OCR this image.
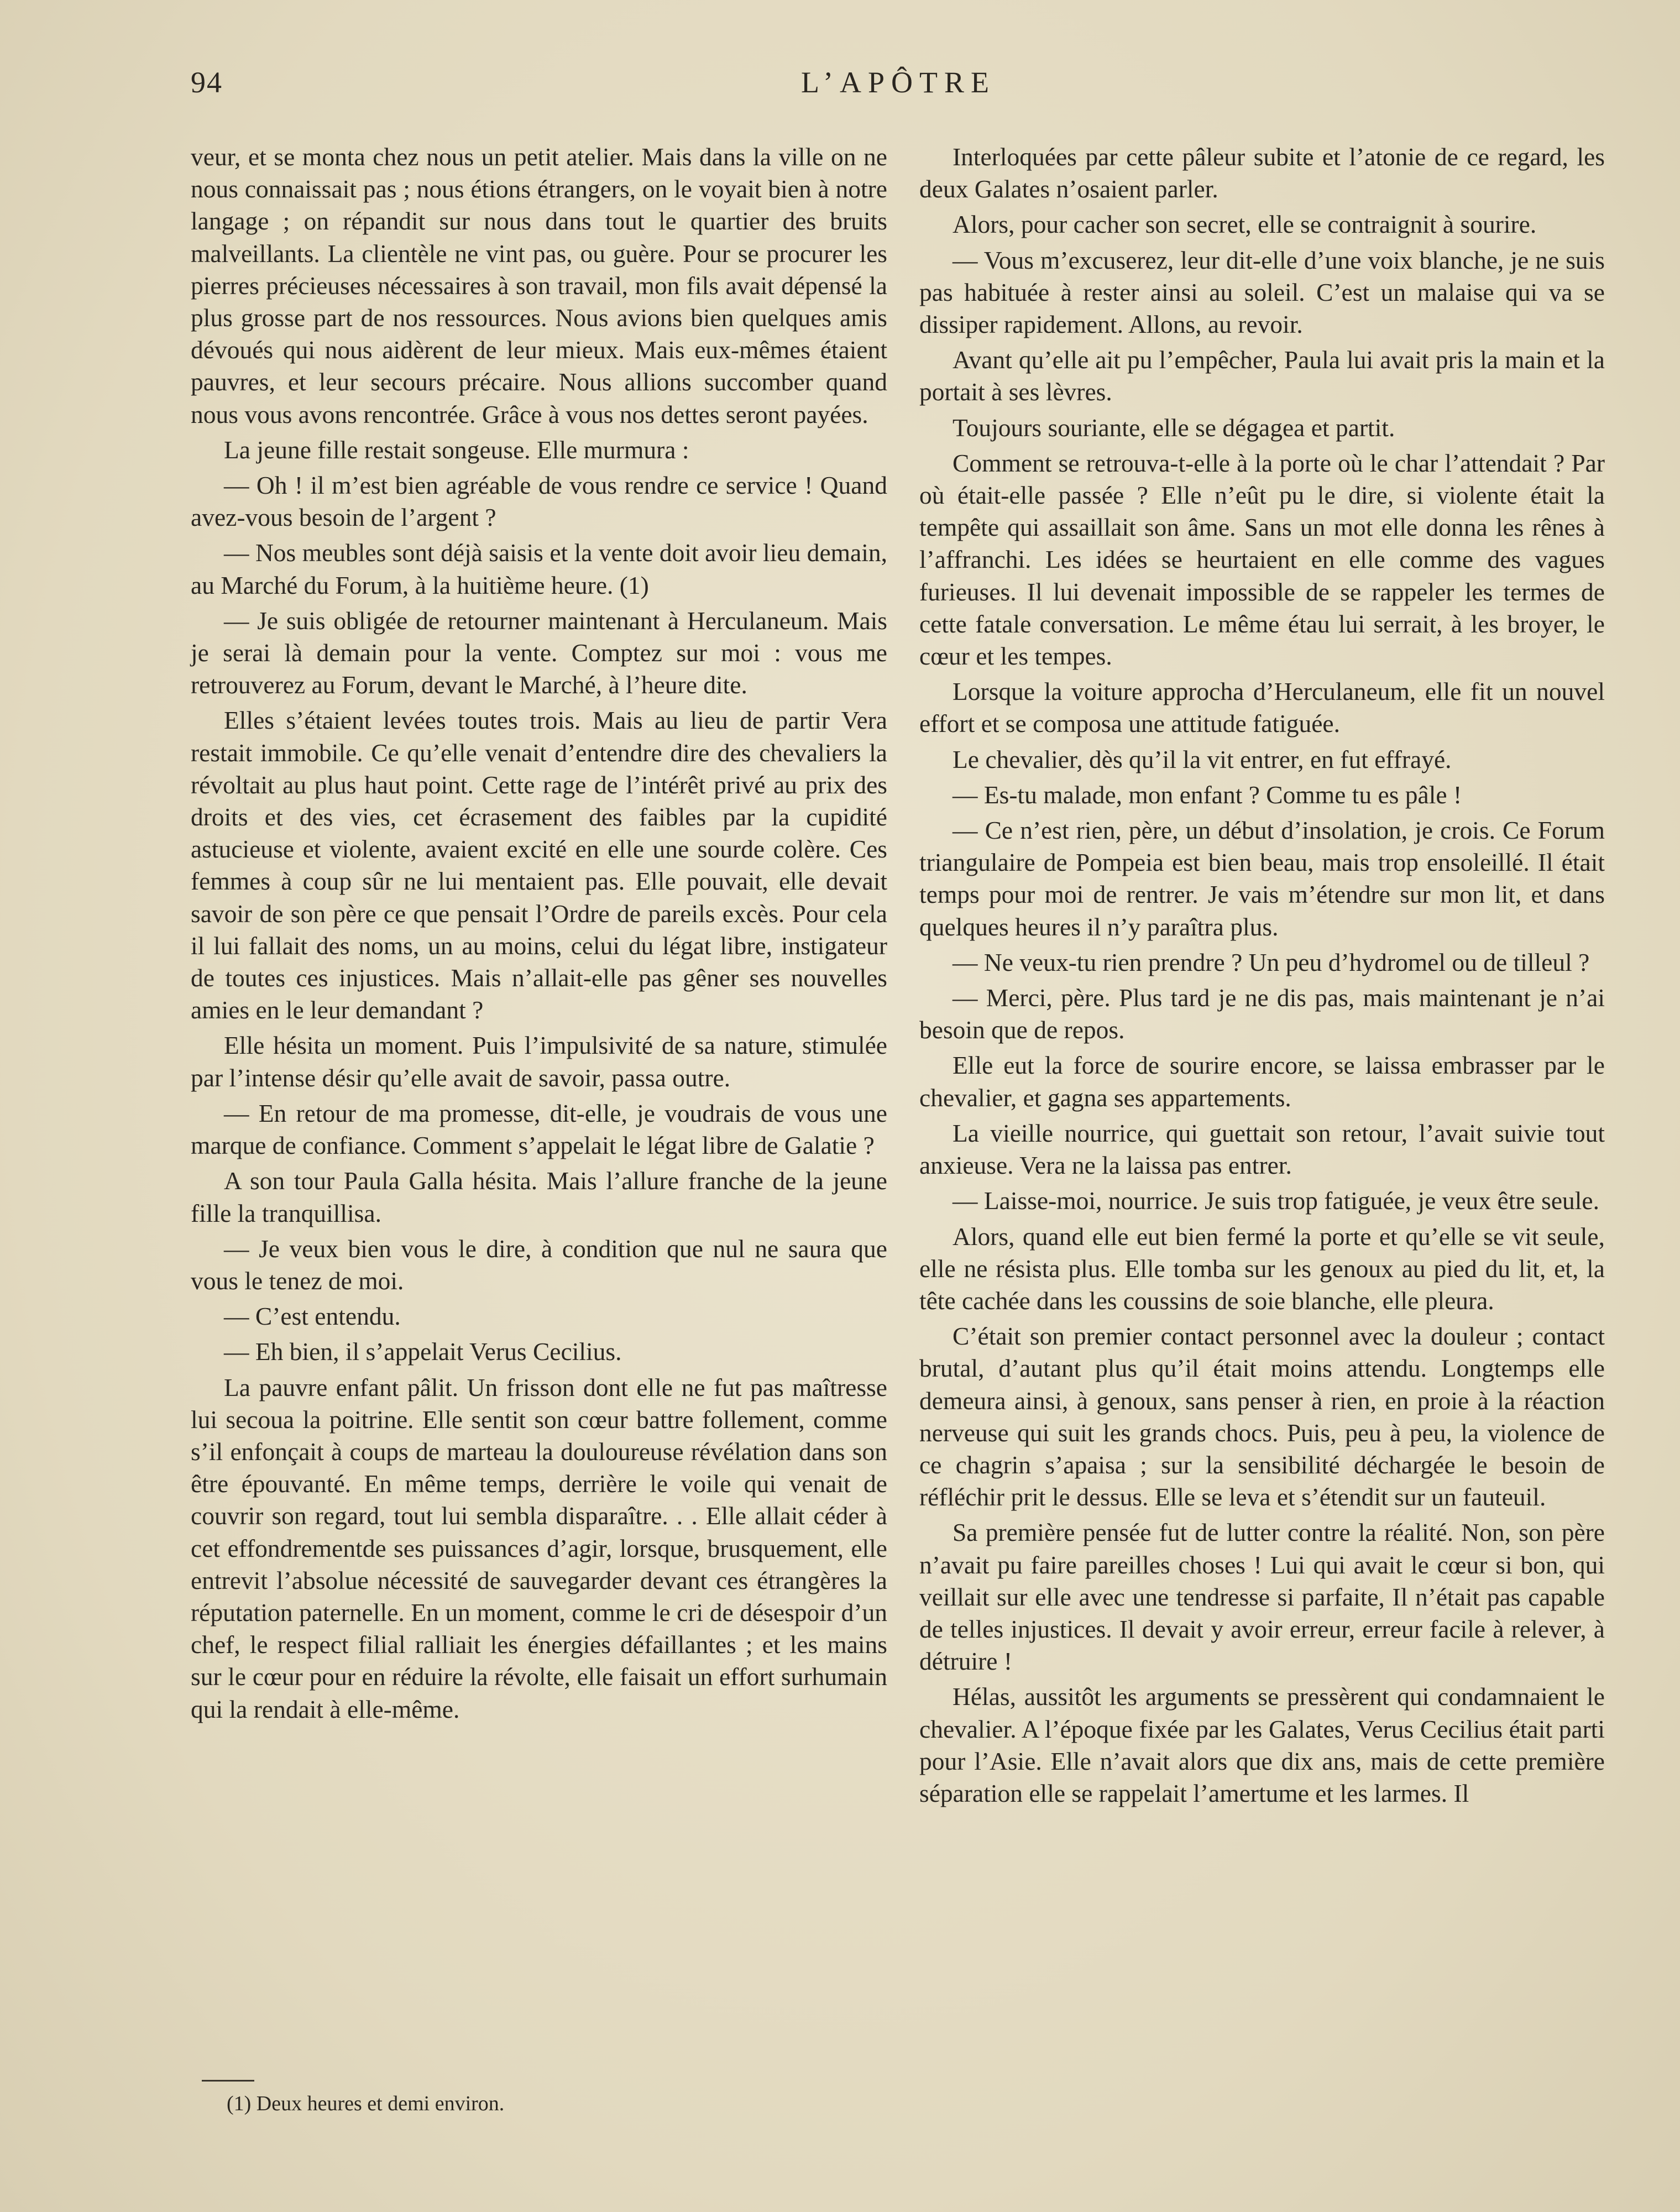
94	L’APÔTRE

veur, et se monta chez nous un petit atelier. Mais dans la ville on ne nous connaissait pas ; nous étions étrangers, on le voyait bien à notre langage ; on répandit sur nous dans tout le quartier des bruits malveillants. La clientèle ne vint pas, ou guère. Pour se procurer les pierres précieuses nécessaires à son travail, mon fils avait dépensé la plus grosse part de nos ressources. Nous avions bien quelques amis dévoués qui nous aidèrent de leur mieux. Mais eux-mêmes étaient pauvres, et leur secours précaire. Nous allions succomber quand nous vous avons rencontrée. Grâce à vous nos dettes seront payées.

La jeune fille restait songeuse. Elle murmura :

— Oh ! il m’est bien agréable de vous rendre ce service ! Quand avez-vous besoin de l’argent ?

— Nos meubles sont déjà saisis et la vente doit avoir lieu demain, au Marché du Forum, à la huitième heure. (1)

— Je suis obligée de retourner maintenant à Herculaneum. Mais je serai là demain pour la vente. Comptez sur moi : vous me retrouverez au Forum, devant le Marché, à l’heure dite.

Elles s’étaient levées toutes trois. Mais au lieu de partir Vera restait immobile. Ce qu’elle venait d’entendre dire des chevaliers la révoltait au plus haut point. Cette rage de l’intérêt privé au prix des droits et des vies, cet écrasement des faibles par la cupidité astucieuse et violente, avaient excité en elle une sourde colère. Ces femmes à coup sûr ne lui mentaient pas. Elle pouvait, elle devait savoir de son père ce que pensait l’Ordre de pareils excès. Pour cela il lui fallait des noms, un au moins, celui du légat libre, instigateur de toutes ces injustices. Mais n’allait-elle pas gêner ses nouvelles amies en le leur demandant ?

Elle hésita un moment. Puis l’impulsivité de sa nature, stimulée par l’intense désir qu’elle avait de savoir, passa outre.

— En retour de ma promesse, dit-elle, je voudrais de vous une marque de confiance. Comment s’appelait le légat libre de Galatie ?

A son tour Paula Galla hésita. Mais l’allure franche de la jeune fille la tranquillisa.

— Je veux bien vous le dire, à condition que nul ne saura que vous le tenez de moi.

— C’est entendu.

— Eh bien, il s’appelait Verus Cecilius.

La pauvre enfant pâlit. Un frisson dont elle ne fut pas maîtresse lui secoua la poitrine. Elle sentit son cœur battre follement, comme s’il enfonçait à coups de marteau la douloureuse révélation dans son être épouvanté. En même temps, derrière le voile qui venait de couvrir son regard, tout lui sembla disparaître. . . Elle allait céder à cet effondrementde ses puissances d’agir, lorsque, brusquement, elle entrevit l’absolue nécessité de sauvegarder devant ces étrangères la réputation paternelle. En un moment, comme le cri de désespoir d’un chef, le respect filial ralliait les énergies défaillantes ; et les mains sur le cœur pour en réduire la révolte, elle faisait un effort surhumain qui la rendait à elle-même.

Interloquées par cette pâleur subite et l’atonie de ce regard, les deux Galates n’osaient parler.

Alors, pour cacher son secret, elle se contraignit à sourire.

— Vous m’excuserez, leur dit-elle d’une voix blanche, je ne suis pas habituée à rester ainsi au soleil. C’est un malaise qui va se dissiper rapidement. Allons, au revoir.

Avant qu’elle ait pu l’empêcher, Paula lui avait pris la main et la portait à ses lèvres.

Toujours souriante, elle se dégagea et partit.

Comment se retrouva-t-elle à la porte où le char l’attendait ? Par où était-elle passée ? Elle n’eût pu le dire, si violente était la tempête qui assaillait son âme. Sans un mot elle donna les rênes à l’affranchi. Les idées se heurtaient en elle comme des vagues furieuses. Il lui devenait impossible de se rappeler les termes de cette fatale conversation. Le même étau lui serrait, à les broyer, le cœur et les tempes.

Lorsque la voiture approcha d’Herculaneum, elle fit un nouvel effort et se composa une attitude fatiguée.

Le chevalier, dès qu’il la vit entrer, en fut effrayé.

— Es-tu malade, mon enfant ? Comme tu es pâle !

— Ce n’est rien, père, un début d’insolation, je crois. Ce Forum triangulaire de Pompeia est bien beau, mais trop ensoleillé. Il était temps pour moi de rentrer. Je vais m’étendre sur mon lit, et dans quelques heures il n’y paraîtra plus.

— Ne veux-tu rien prendre ? Un peu d’hydromel ou de tilleul ?

— Merci, père. Plus tard je ne dis pas, mais maintenant je n’ai besoin que de repos.

Elle eut la force de sourire encore, se laissa embrasser par le chevalier, et gagna ses appartements.

La vieille nourrice, qui guettait son retour, l’avait suivie tout anxieuse. Vera ne la laissa pas entrer.

— Laisse-moi, nourrice. Je suis trop fatiguée, je veux être seule.

Alors, quand elle eut bien fermé la porte et qu’elle se vit seule, elle ne résista plus. Elle tomba sur les genoux au pied du lit, et, la tête cachée dans les coussins de soie blanche, elle pleura.

C’était son premier contact personnel avec la douleur ; contact brutal, d’autant plus qu’il était moins attendu. Longtemps elle demeura ainsi, à genoux, sans penser à rien, en proie à la réaction nerveuse qui suit les grands chocs. Puis, peu à peu, la violence de ce chagrin s’apaisa ; sur la sensibilité déchargée le besoin de réfléchir prit le dessus. Elle se leva et s’étendit sur un fauteuil.

Sa première pensée fut de lutter contre la réalité. Non, son père n’avait pu faire pareilles choses ! Lui qui avait le cœur si bon, qui veillait sur elle avec une tendresse si parfaite, Il n’était pas capable de telles injustices. Il devait y avoir erreur, erreur facile à relever, à détruire !

Hélas, aussitôt les arguments se pressèrent qui condamnaient le chevalier. A l’époque fixée par les Galates, Verus Cecilius était parti pour l’Asie. Elle n’avait alors que dix ans, mais de cette première séparation elle se rappelait l’amertume et les larmes. Il

(1) Deux heures et demi environ.
